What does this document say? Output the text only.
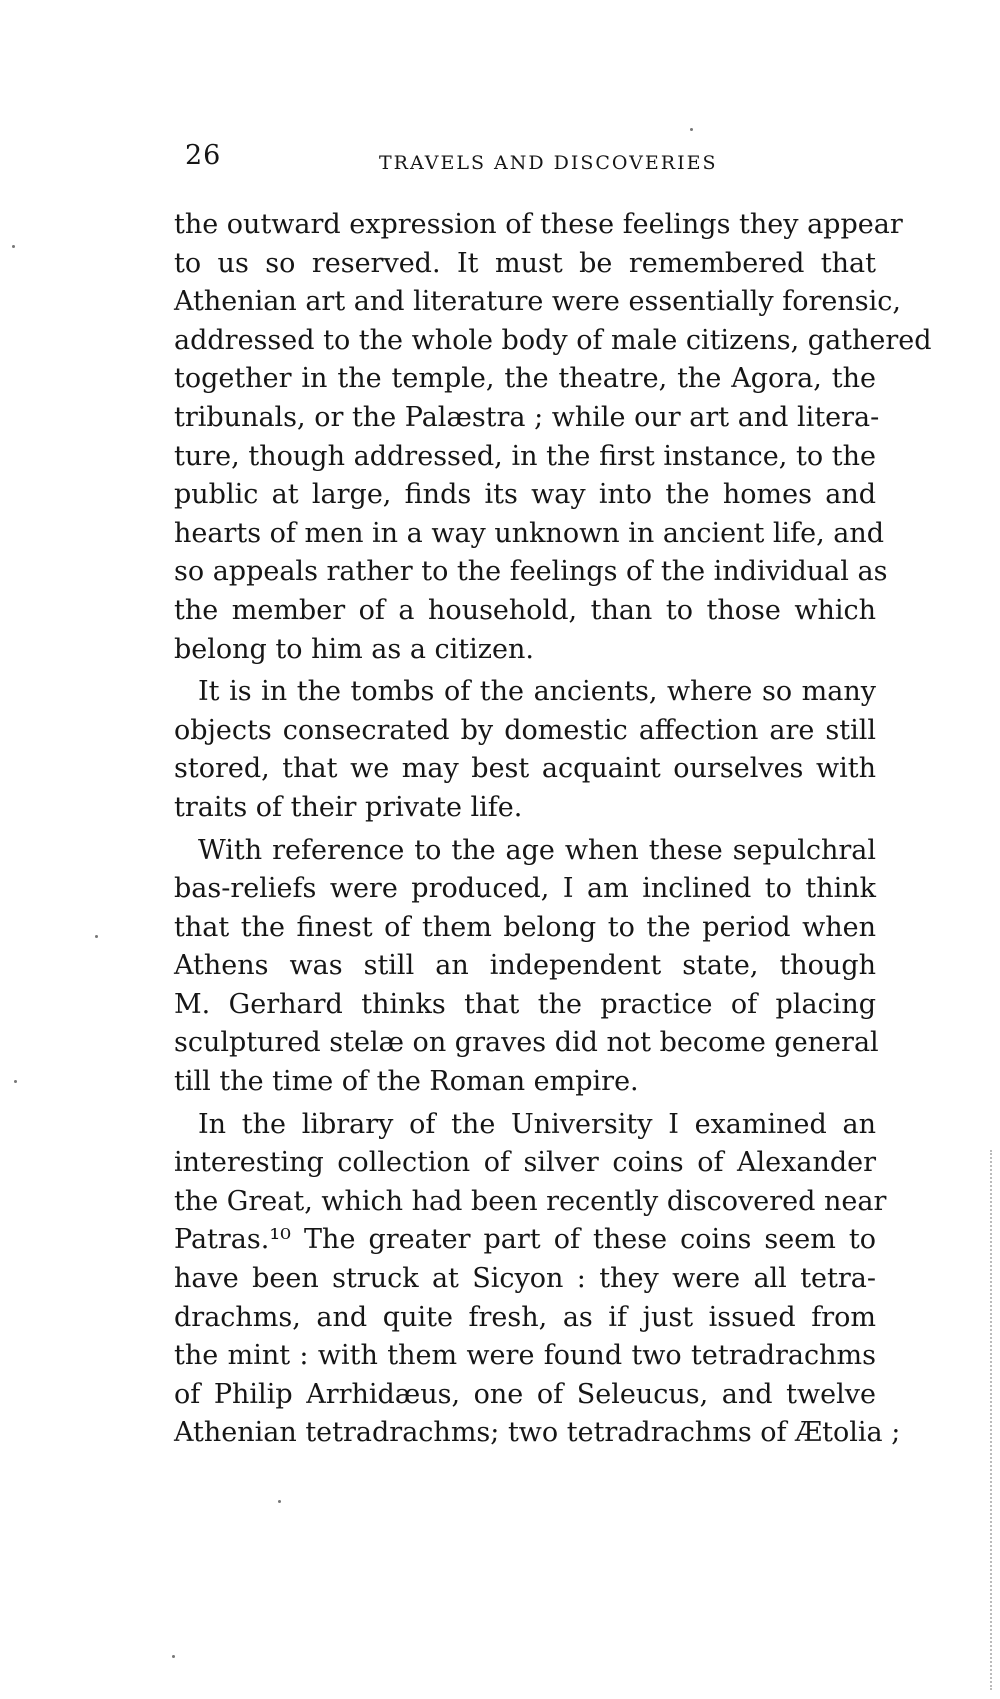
26	TRAVELS AND DISCOVERIES
the outward expression of these feelings they appear
to us so reserved. It must be remembered that
Athenian art and literature were essentially forensic,
addressed to the whole body of male citizens, gathered
together in the temple, the theatre, the Agora, the
tribunals, or the Palæstra ; while our art and litera-
ture, though addressed, in the first instance, to the
public at large, finds its way into the homes and
hearts of men in a way unknown in ancient life, and
so appeals rather to the feelings of the individual as
the member of a household, than to those which
belong to him as a citizen.
It is in the tombs of the ancients, where so many
objects consecrated by domestic affection are still
stored, that we may best acquaint ourselves with
traits of their private life.
With reference to the age when these sepulchral
bas-reliefs were produced, I am inclined to think
that the finest of them belong to the period when
Athens was still an independent state, though
M. Gerhard thinks that the practice of placing
sculptured stelæ on graves did not become general
till the time of the Roman empire.
In the library of the University I examined an
interesting collection of silver coins of Alexander
the Great, which had been recently discovered near
Patras.¹⁰ The greater part of these coins seem to
have been struck at Sicyon : they were all tetra-
drachms, and quite fresh, as if just issued from
the mint : with them were found two tetradrachms
of Philip Arrhidæus, one of Seleucus, and twelve
Athenian tetradrachms; two tetradrachms of Ætolia ;
